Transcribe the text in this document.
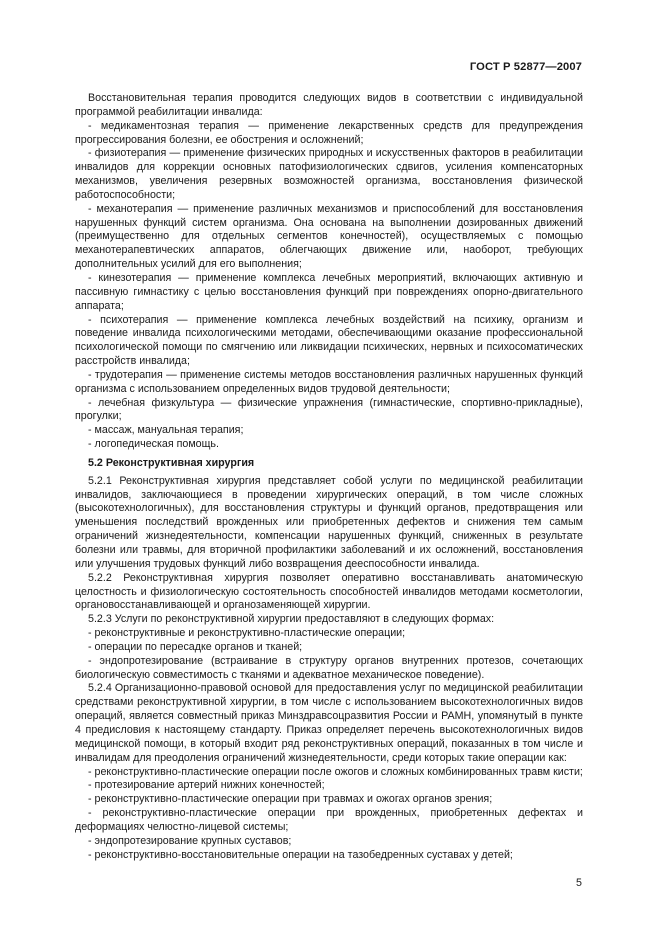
ГОСТ Р 52877—2007

Восстановительная терапия проводится следующих видов в соответствии с индивидуальной программой реабилитации инвалида:

- медикаментозная терапия — применение лекарственных средств для предупреждения прогрессирования болезни, ее обострения и осложнений;

- физиотерапия — применение физических природных и искусственных факторов в реабилитации инвалидов для коррекции основных патофизиологических сдвигов, усиления компенсаторных механизмов, увеличения резервных возможностей организма, восстановления физической работоспособности;

- механотерапия — применение различных механизмов и приспособлений для восстановления нарушенных функций систем организма. Она основана на выполнении дозированных движений (преимущественно для отдельных сегментов конечностей), осуществляемых с помощью механотерапевтических аппаратов, облегчающих движение или, наоборот, требующих дополнительных усилий для его выполнения;

- кинезотерапия — применение комплекса лечебных мероприятий, включающих активную и пассивную гимнастику с целью восстановления функций при повреждениях опорно-двигательного аппарата;

- психотерапия — применение комплекса лечебных воздействий на психику, организм и поведение инвалида психологическими методами, обеспечивающими оказание профессиональной психологической помощи по смягчению или ликвидации психических, нервных и психосоматических расстройств инвалида;

- трудотерапия — применение системы методов восстановления различных нарушенных функций организма с использованием определенных видов трудовой деятельности;

- лечебная физкультура — физические упражнения (гимнастические, спортивно-прикладные), прогулки;

- массаж, мануальная терапия;

- логопедическая помощь.

5.2 Реконструктивная хирургия

5.2.1 Реконструктивная хирургия представляет собой услуги по медицинской реабилитации инвалидов, заключающиеся в проведении хирургических операций, в том числе сложных (высокотехнологичных), для восстановления структуры и функций органов, предотвращения или уменьшения последствий врожденных или приобретенных дефектов и снижения тем самым ограничений жизнедеятельности, компенсации нарушенных функций, сниженных в результате болезни или травмы, для вторичной профилактики заболеваний и их осложнений, восстановления или улучшения трудовых функций либо возвращения дееспособности инвалида.

5.2.2 Реконструктивная хирургия позволяет оперативно восстанавливать анатомическую целостность и физиологическую состоятельность способностей инвалидов методами косметологии, органовосстанавливающей и органозаменяющей хирургии.

5.2.3 Услуги по реконструктивной хирургии предоставляют в следующих формах:

- реконструктивные и реконструктивно-пластические операции;

- операции по пересадке органов и тканей;

- эндопротезирование (встраивание в структуру органов внутренних протезов, сочетающих биологическую совместимость с тканями и адекватное механическое поведение).

5.2.4 Организационно-правовой основой для предоставления услуг по медицинской реабилитации средствами реконструктивной хирургии, в том числе с использованием высокотехнологичных видов операций, является совместный приказ Минздравсоцразвития России и РАМН, упомянутый в пункте 4 предисловия к настоящему стандарту. Приказ определяет перечень высокотехнологичных видов медицинской помощи, в который входит ряд реконструктивных операций, показанных в том числе и инвалидам для преодоления ограничений жизнедеятельности, среди которых такие операции как:

- реконструктивно-пластические операции после ожогов и сложных комбинированных травм кисти;

- протезирование артерий нижних конечностей;

- реконструктивно-пластические операции при травмах и ожогах органов зрения;

- реконструктивно-пластические операции при врожденных, приобретенных дефектах и деформациях челюстно-лицевой системы;

- эндопротезирование крупных суставов;

- реконструктивно-восстановительные операции на тазобедренных суставах у детей;

5
